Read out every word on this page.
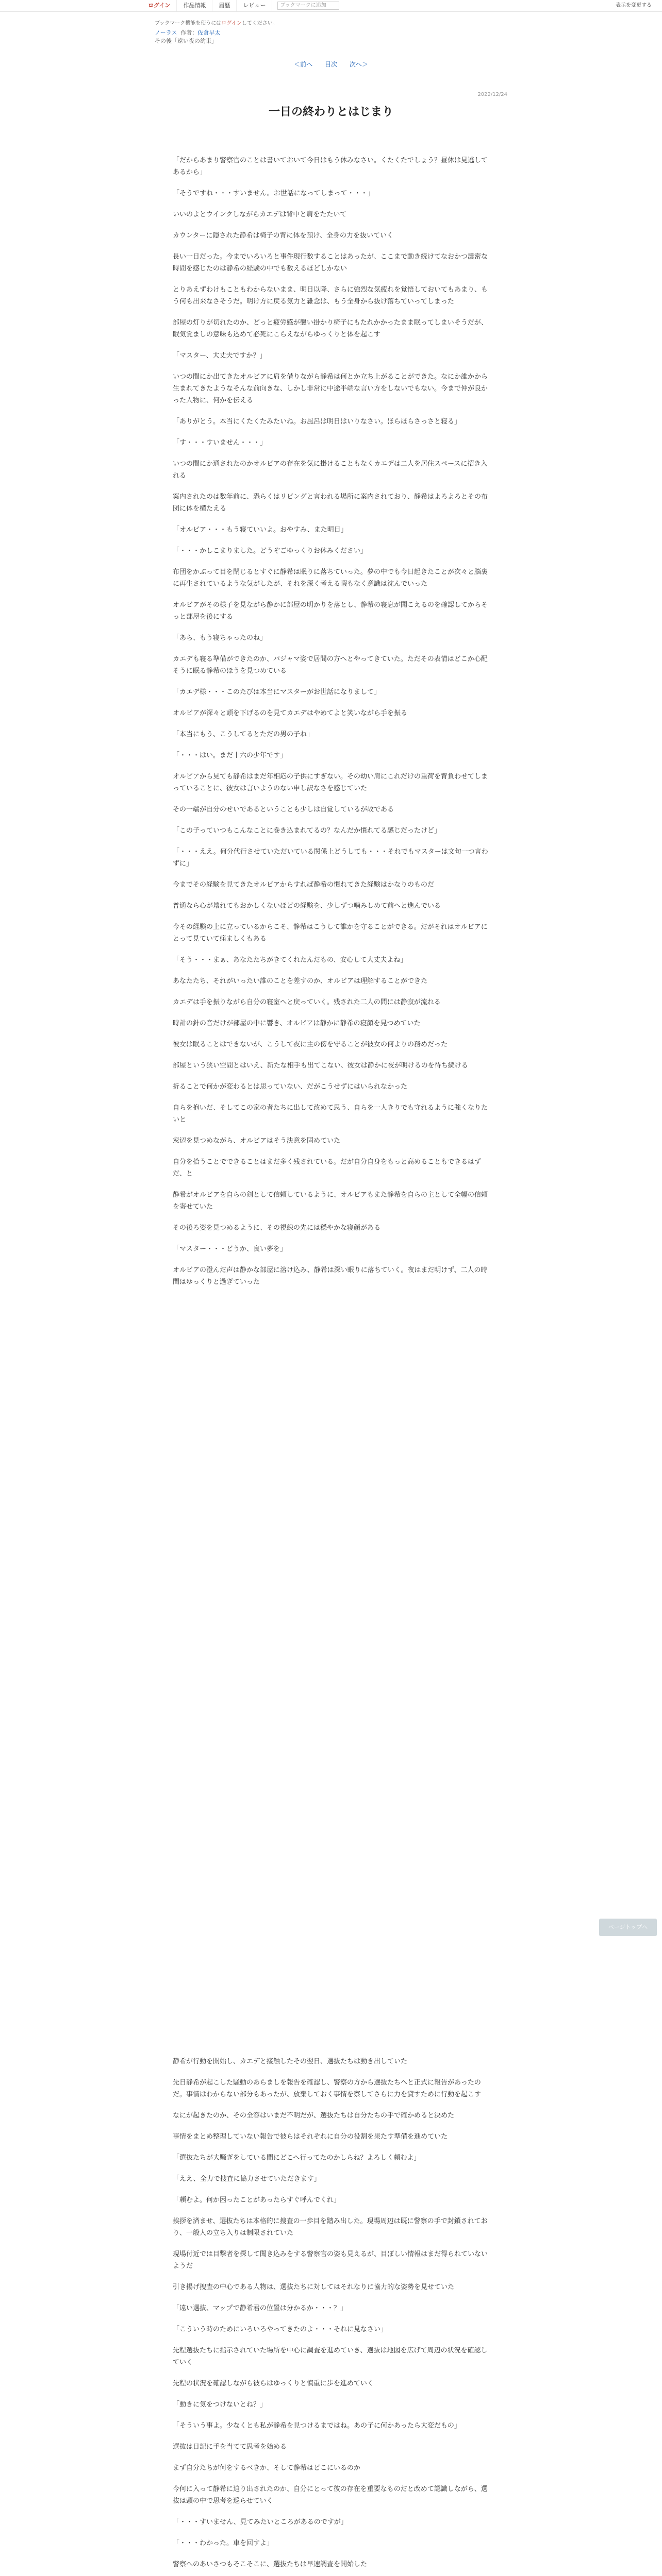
ログイン	作品情報	履歴	レビュー	ブックマークに追加	表示を変更する
ブックマーク機能を使うにはログインしてください。
ノーラス 作者：佐倉早太
その後「遠い夜の約束」
＜前へ 目次 次へ＞
2022/12/24
一日の終わりとはじまり

「だからあまり警察官のことは書いておいて今日はもう休みなさい。くたくたでしょう？昼休は見逃してあるから」

「そうですね・・・すいません。お世話になってしまって・・・」

いいのよとウインクしながらカエデは背中と肩をたたいて

カウンターに隠された静希は椅子の背に体を預け、全身の力を抜いていく

長い一日だった。今までいろいろと事件現行数することはあったが、ここまで動き続けてなおかつ濃密な時間を感じたのは静希の経験の中でも数えるほどしかない

とりあえずわけもこともわからないまま、明日以降、さらに強烈な気疲れを覚悟しておいてもあまり、もう何も出来なさそうだ。明け方に戻る気力と雑念は、もう全身から抜け落ちていってしまった

部屋の灯りが切れたのか、どっと疲労感が襲い掛かり椅子にもたれかかったまま眠ってしまいそうだが、眠気覚ましの意味も込めて必死にこらえながらゆっくりと体を起こす

「マスター、大丈夫ですか？」

いつの間にか出てきたオルビアに肩を借りながら静希は何とか立ち上がることができた。なにか誰かから生まれてきたようなそんな前向きな、しかし非常に中途半端な言い方をしないでもない。今まで仲が良かった人物に、何かを伝える

「ありがとう。本当にくたくたみたいね。お風呂は明日はいりなさい。ほらほらさっさと寝る」

「す・・・すいません・・・」

いつの間にか通されたのかオルビアの存在を気に掛けることもなくカエデは二人を居住スペースに招き入れる

案内されたのは数年前に、恐らくはリビングと言われる場所に案内されており、静希はよろよろとその布団に体を横たえる

「オルビア・・・もう寝ていいよ。おやすみ、また明日」

「・・・かしこまりました。どうぞごゆっくりお休みください」

布団をかぶって目を閉じるとすぐに静希は眠りに落ちていった。夢の中でも今日起きたことが次々と脳裏に再生されているような気がしたが、それを深く考える暇もなく意識は沈んでいった

オルビアがその様子を見ながら静かに部屋の明かりを落とし、静希の寝息が聞こえるのを確認してからそっと部屋を後にする

「あら、もう寝ちゃったのね」

カエデも寝る準備ができたのか、パジャマ姿で居間の方へとやってきていた。ただその表情はどこか心配そうに眠る静希のほうを見つめている

「カエデ様・・・このたびは本当にマスターがお世話になりまして」

オルビアが深々と頭を下げるのを見てカエデはやめてよと笑いながら手を振る

「本当にもう、こうしてるとただの男の子ね」

「・・・はい。まだ十六の少年です」

オルビアから見ても静希はまだ年相応の子供にすぎない。その幼い肩にこれだけの重荷を背負わせてしまっていることに、彼女は言いようのない申し訳なさを感じていた

その一端が自分のせいであるということも少しは自覚しているが故である

「この子っていつもこんなことに巻き込まれてるの？なんだか慣れてる感じだったけど」

「・・・ええ。何分代行させていただいている関係上どうしても・・・それでもマスターは文句一つ言わずに」

今までその経験を見てきたオルビアからすれば静希の慣れてきた経験はかなりのものだ

普通なら心が壊れてもおかしくないほどの経験を、少しずつ噛みしめて前へと進んでいる

今その経験の上に立っているからこそ、静希はこうして誰かを守ることができる。だがそれはオルビアにとって見ていて痛ましくもある

「そう・・・まぁ、あなたたちがきてくれたんだもの、安心して大丈夫よね」

あなたたち、それがいったい誰のことを差すのか、オルビアは理解することができた

カエデは手を振りながら自分の寝室へと戻っていく。残された二人の間には静寂が流れる

時計の針の音だけが部屋の中に響き、オルビアは静かに静希の寝顔を見つめていた

彼女は眠ることはできないが、こうして夜に主の傍を守ることが彼女の何よりの務めだった

部屋という狭い空間とはいえ、新たな相手も出てこない、彼女は静かに夜が明けるのを待ち続ける

折ることで何かが変わるとは思っていない、だがこうせずにはいられなかった

自らを抱いだ、そしてこの家の者たちに出して改めて思う、自らを一人きりでも守れるように強くなりたいと

窓辺を見つめながら、オルビアはそう決意を固めていた

自分を拾うことでできることはまだ多く残されている。だが自分自身をもっと高めることもできるはずだ、と

静希がオルビアを自らの剣として信頼しているように、オルビアもまた静希を自らの主として全幅の信頼を寄せていた

その後ろ姿を見つめるように、その視線の先には穏やかな寝顔がある

「マスター・・・どうか、良い夢を」

オルビアの澄んだ声は静かな部屋に溶け込み、静希は深い眠りに落ちていく。夜はまだ明けず、二人の時間はゆっくりと過ぎていった

ページトップへ

静希が行動を開始し、カエデと接触したその翌日、選抜たちは動き出していた

先日静希が起こした騒動のあらましを報告を確認し、警察の方から選抜たちへと正式に報告があったのだ。事情はわからない部分もあったが、放棄しておく事情を察してさらに力を貸すために行動を起こす

なにが起きたのか、その全容はいまだ不明だが、選抜たちは自分たちの手で確かめると決めた

事情をまとめ整理していない報告で彼らはそれぞれに自分の役割を果たす準備を進めていた

「選抜たちが大騒ぎをしている間にどこへ行ってたのかしらね？よろしく頼むよ」

「ええ、全力で捜査に協力させていただきます」

「頼むよ。何か困ったことがあったらすぐ呼んでくれ」

挨拶を済ませ、選抜たちは本格的に捜査の一歩目を踏み出した。現場周辺は既に警察の手で封鎖されており、一般人の立ち入りは制限されていた

現場付近では目撃者を探して聞き込みをする警察官の姿も見えるが、目ぼしい情報はまだ得られていないようだ

引き揚げ捜査の中心である人物は、選抜たちに対してはそれなりに協力的な姿勢を見せていた

「遠い選抜、マップで静希君の位置は分かるか・・・？」

「こういう時のためにいろいろやってきたのよ・・・それに見なさい」

先程選抜たちに指示されていた場所を中心に調査を進めていき、選抜は地図を広げて周辺の状況を確認していく

先程の状況を確認しながら彼らはゆっくりと慎重に歩を進めていく

「動きに気をつけないとね？」

「そういう事よ。少なくとも私が静希を見つけるまではね。あの子に何かあったら大変だもの」

選抜は日記に手を当てて思考を始める

まず自分たちが何をするべきか、そして静希はどこにいるのか

今何に入って静希に迫り出されたのか、自分にとって彼の存在を重要なものだと改めて認識しながら、選抜は頭の中で思考を巡らせていく

「・・・すいません、見てみたいところがあるのですが」

「・・・わかった。車を回すよ」

警察へのあいさつもそこそこに、選抜たちは早速調査を開始した
